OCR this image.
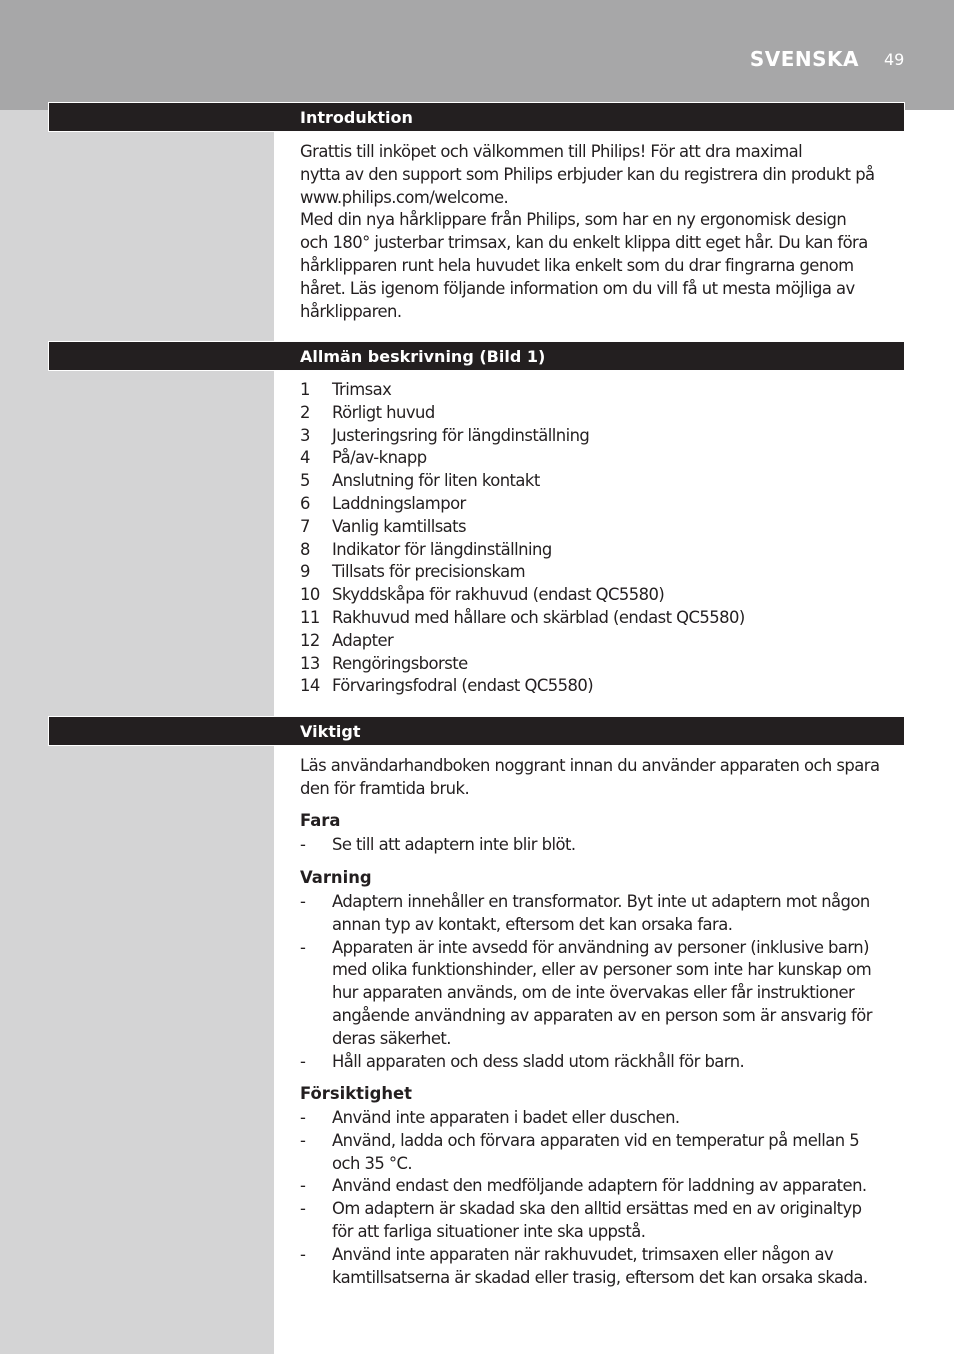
SVENSKA 49
Introduktion

Grattis till inköpet och välkommen till Philips! För att dra maximal
nytta av den support som Philips erbjuder kan du registrera din produkt på
www.philips.com/welcome.

Med din nya hårklippare från Philips, som har en ny ergonomisk design
och 180° justerbar trimsax, kan du enkelt klippa ditt eget hår. Du kan föra
hårklipparen runt hela huvudet lika enkelt som du drar fingrarna genom
håret. Läs igenom följande information om du vill få ut mesta möjliga av
hårklipparen.

Allmän beskrivning (Bild 1)
1	Trimsax
2	Rörligt huvud
3	Justeringsring för längdinställning
4	På/av-knapp
5	Anslutning för liten kontakt
6	Laddningslampor
7	Vanlig kamtillsats
8	Indikator för längdinställning
9	Tillsats för precisionskam
10 Skyddskåpa för rakhuvud (endast QC5580)
11 Rakhuvud med hållare och skärblad (endast QC5580)
12 Adapter
13 Rengöringsborste
14 Förvaringsfodral (endast QC5580)
Viktigt

Läs användarhandboken noggrant innan du använder apparaten och spara
den för framtida bruk.

Fara
-	Se till att adaptern inte blir blöt.
Varning
-	Adaptern innehåller en transformator. Byt inte ut adaptern mot någon
annan typ av kontakt, eftersom det kan orsaka fara.
-	Apparaten är inte avsedd för användning av personer (inklusive barn)
med olika funktionshinder, eller av personer som inte har kunskap om
hur apparaten används, om de inte övervakas eller får instruktioner
angående användning av apparaten av en person som är ansvarig för
deras säkerhet.
-	Håll apparaten och dess sladd utom räckhåll för barn.
Försiktighet
-	Använd inte apparaten i badet eller duschen.
-	Använd, ladda och förvara apparaten vid en temperatur på mellan 5
och 35 °C.
-	Använd endast den medföljande adaptern för laddning av apparaten.
-	Om adaptern är skadad ska den alltid ersättas med en av originaltyp
för att farliga situationer inte ska uppstå.
-	Använd inte apparaten när rakhuvudet, trimsaxen eller någon av
kamtillsatserna är skadad eller trasig, eftersom det kan orsaka skada.
